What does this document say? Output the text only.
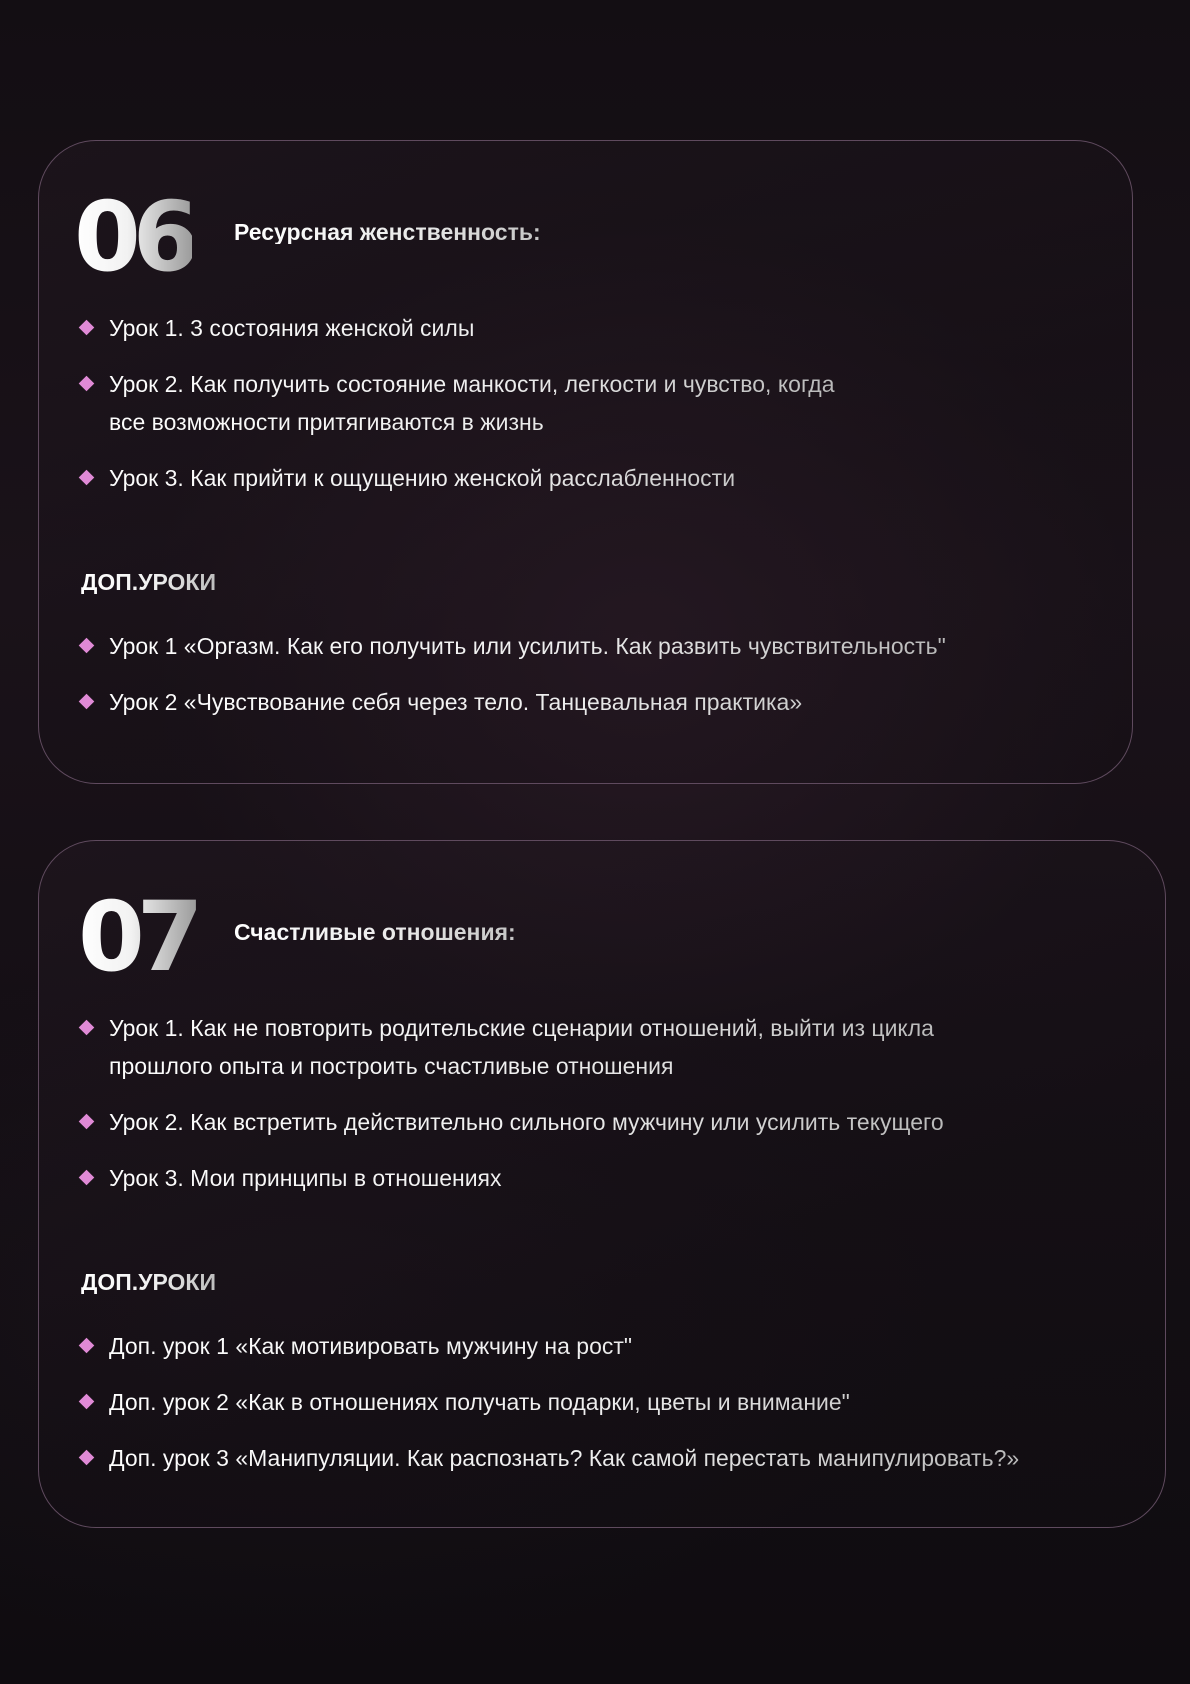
06 Ресурсная женственность:
Урок 1. 3 состояния женской силы
Урок 2. Как получить состояние манкости, легкости и чувство, когда
все возможности притягиваются в жизнь
Урок 3. Как прийти к ощущению женской расслабленности
ДОП.УРОКИ
Урок 1 «Оргазм. Как его получить или усилить. Как развить чувствительность"
Урок 2 «Чувствование себя через тело. Танцевальная практика»
07 Счастливые отношения:
Урок 1. Как не повторить родительские сценарии отношений, выйти из цикла
прошлого опыта и построить счастливые отношения
Урок 2. Как встретить действительно сильного мужчину или усилить текущего
Урок 3. Мои принципы в отношениях
ДОП.УРОКИ
Доп. урок 1 «Как мотивировать мужчину на рост"
Доп. урок 2 «Как в отношениях получать подарки, цветы и внимание"
Доп. урок 3 «Манипуляции. Как распознать? Как самой перестать манипулировать?»
